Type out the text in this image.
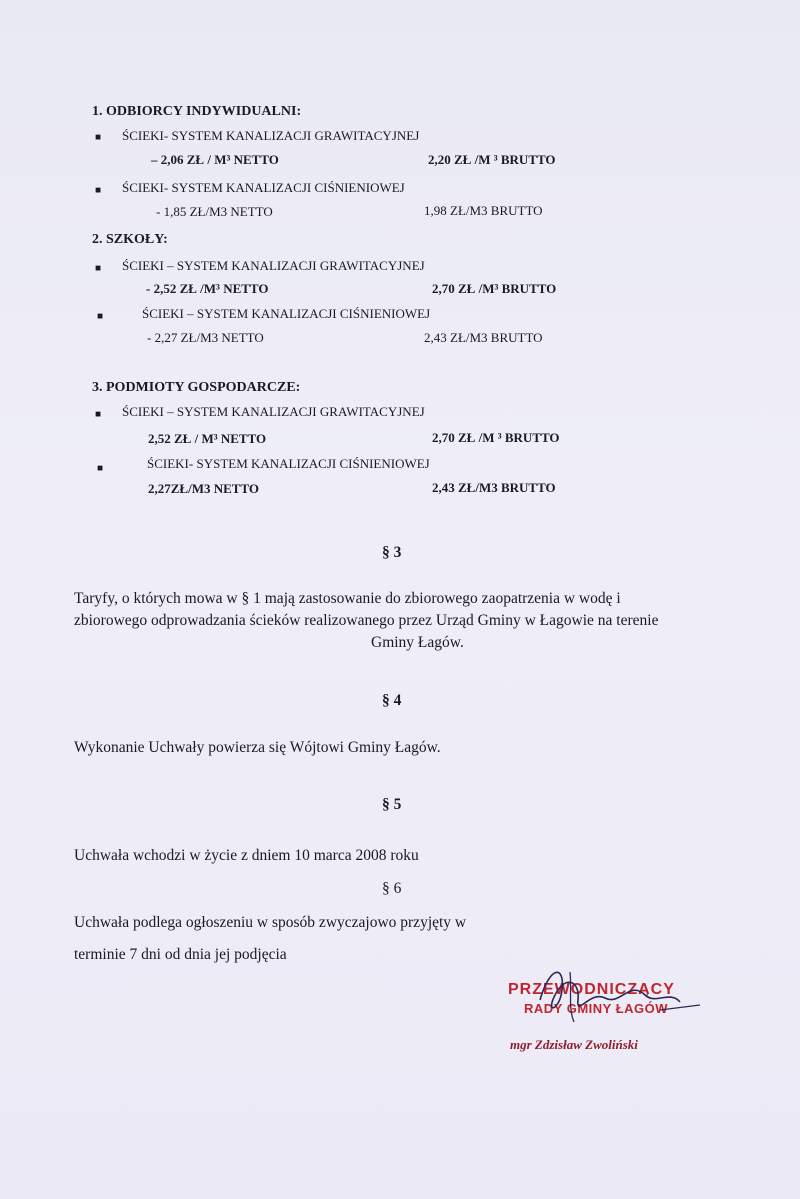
1. ODBIORCY INDYWIDUALNI:
■ ŚCIEKI- SYSTEM KANALIZACJI GRAWITACYJNEJ
– 2,06 ZŁ / M³ NETTO	2,20 ZŁ /M ³ BRUTTO
■ ŚCIEKI- SYSTEM KANALIZACJI CIŚNIENIOWEJ
- 1,85 ZŁ/M3 NETTO	1,98 ZŁ/M3 BRUTTO
2. SZKOŁY:
■ ŚCIEKI – SYSTEM KANALIZACJI GRAWITACYJNEJ
- 2,52 ZŁ /M³ NETTO	2,70 ZŁ /M³ BRUTTO
■	ŚCIEKI – SYSTEM KANALIZACJI CIŚNIENIOWEJ
- 2,27 ZŁ/M3 NETTO	2,43 ZŁ/M3 BRUTTO
3. PODMIOTY GOSPODARCZE:
■ ŚCIEKI – SYSTEM KANALIZACJI GRAWITACYJNEJ
2,52 ZŁ / M³ NETTO	2,70 ZŁ /M ³ BRUTTO
■	ŚCIEKI- SYSTEM KANALIZACJI CIŚNIENIOWEJ
2,27ZŁ/M3 NETTO	2,43 ZŁ/M3 BRUTTO
§ 3
Taryfy, o których mowa w § 1 mają zastosowanie do zbiorowego zaopatrzenia w wodę i
zbiorowego odprowadzania ścieków realizowanego przez Urząd Gminy w Łagowie na terenie
Gminy Łagów.
§ 4
Wykonanie Uchwały powierza się Wójtowi Gminy Łagów.
§ 5
Uchwała wchodzi w życie z dniem 10 marca 2008 roku
§ 6
Uchwała podlega ogłoszeniu w sposób zwyczajowo przyjęty w
terminie 7 dni od dnia jej podjęcia
PRZEWODNICZĄCY
RADY GMINY ŁAGÓW
mgr Zdzisław Zwoliński
